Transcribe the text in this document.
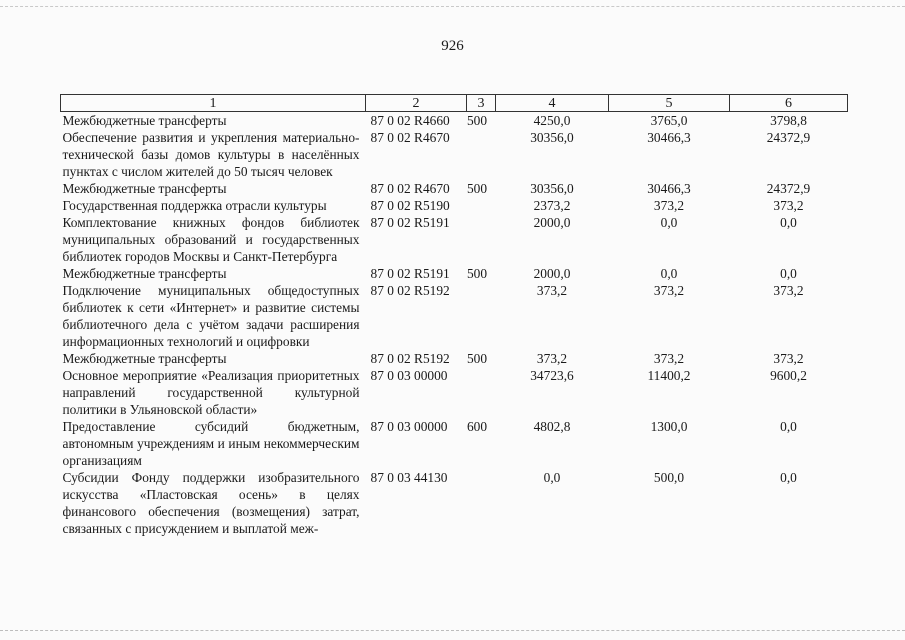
926
1	2	3	4	5	6
Межбюджетные трансферты	87 0 02 R4660	500	4250,0	3765,0	3798,8
Обеспечение развития и укрепления материально-технической базы домов культуры в населённых пунктах с числом жителей до 50 тысяч человек	87 0 02 R4670		30356,0	30466,3	24372,9
Межбюджетные трансферты	87 0 02 R4670	500	30356,0	30466,3	24372,9
Государственная поддержка отрасли культуры	87 0 02 R5190		2373,2	373,2	373,2
Комплектование книжных фондов библиотек муниципальных образований и государственных библиотек городов Москвы и Санкт-Петербурга	87 0 02 R5191		2000,0	0,0	0,0
Межбюджетные трансферты	87 0 02 R5191	500	2000,0	0,0	0,0
Подключение муниципальных общедоступных библиотек к сети «Интернет» и развитие системы библиотечного дела с учётом задачи расширения информационных технологий и оцифровки	87 0 02 R5192		373,2	373,2	373,2
Межбюджетные трансферты	87 0 02 R5192	500	373,2	373,2	373,2
Основное мероприятие «Реализация приоритетных направлений государственной культурной политики в Ульяновской области»	87 0 03 00000		34723,6	11400,2	9600,2
Предоставление субсидий бюджетным, автономным учреждениям и иным некоммерческим организациям	87 0 03 00000	600	4802,8	1300,0	0,0
Субсидии Фонду поддержки изобразительного искусства «Пластовская осень» в целях финансового обеспечения (возмещения) затрат, связанных с присуждением и выплатой меж-	87 0 03 44130		0,0	500,0	0,0
